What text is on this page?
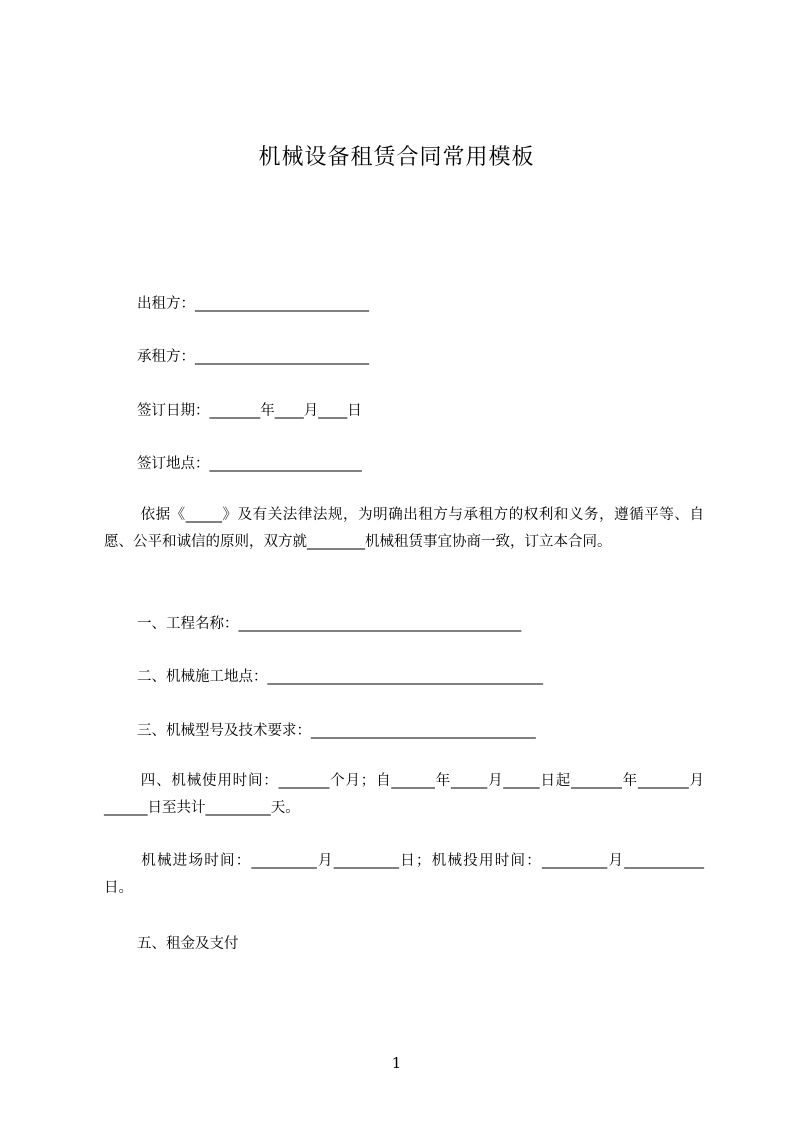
机械设备租赁合同常用模板
出租方：________________________
承租方：________________________
签订日期：_______年____月____日
签订地点：_____________________
依据《_____》及有关法律法规，为明确出租方与承租方的权利和义务，遵循平等、自愿、公平和诚信的原则，双方就________机械租赁事宜协商一致，订立本合同。
一、工程名称：_______________________________________
二、机械施工地点：______________________________________
三、机械型号及技术要求：_______________________________
四、机械使用时间：_______个月；自______年_____月_____日起_______年_______月______日至共计_________天。
机械进场时间：_________月_________日；机械投用时间：_________月___________日。
五、租金及支付
1
